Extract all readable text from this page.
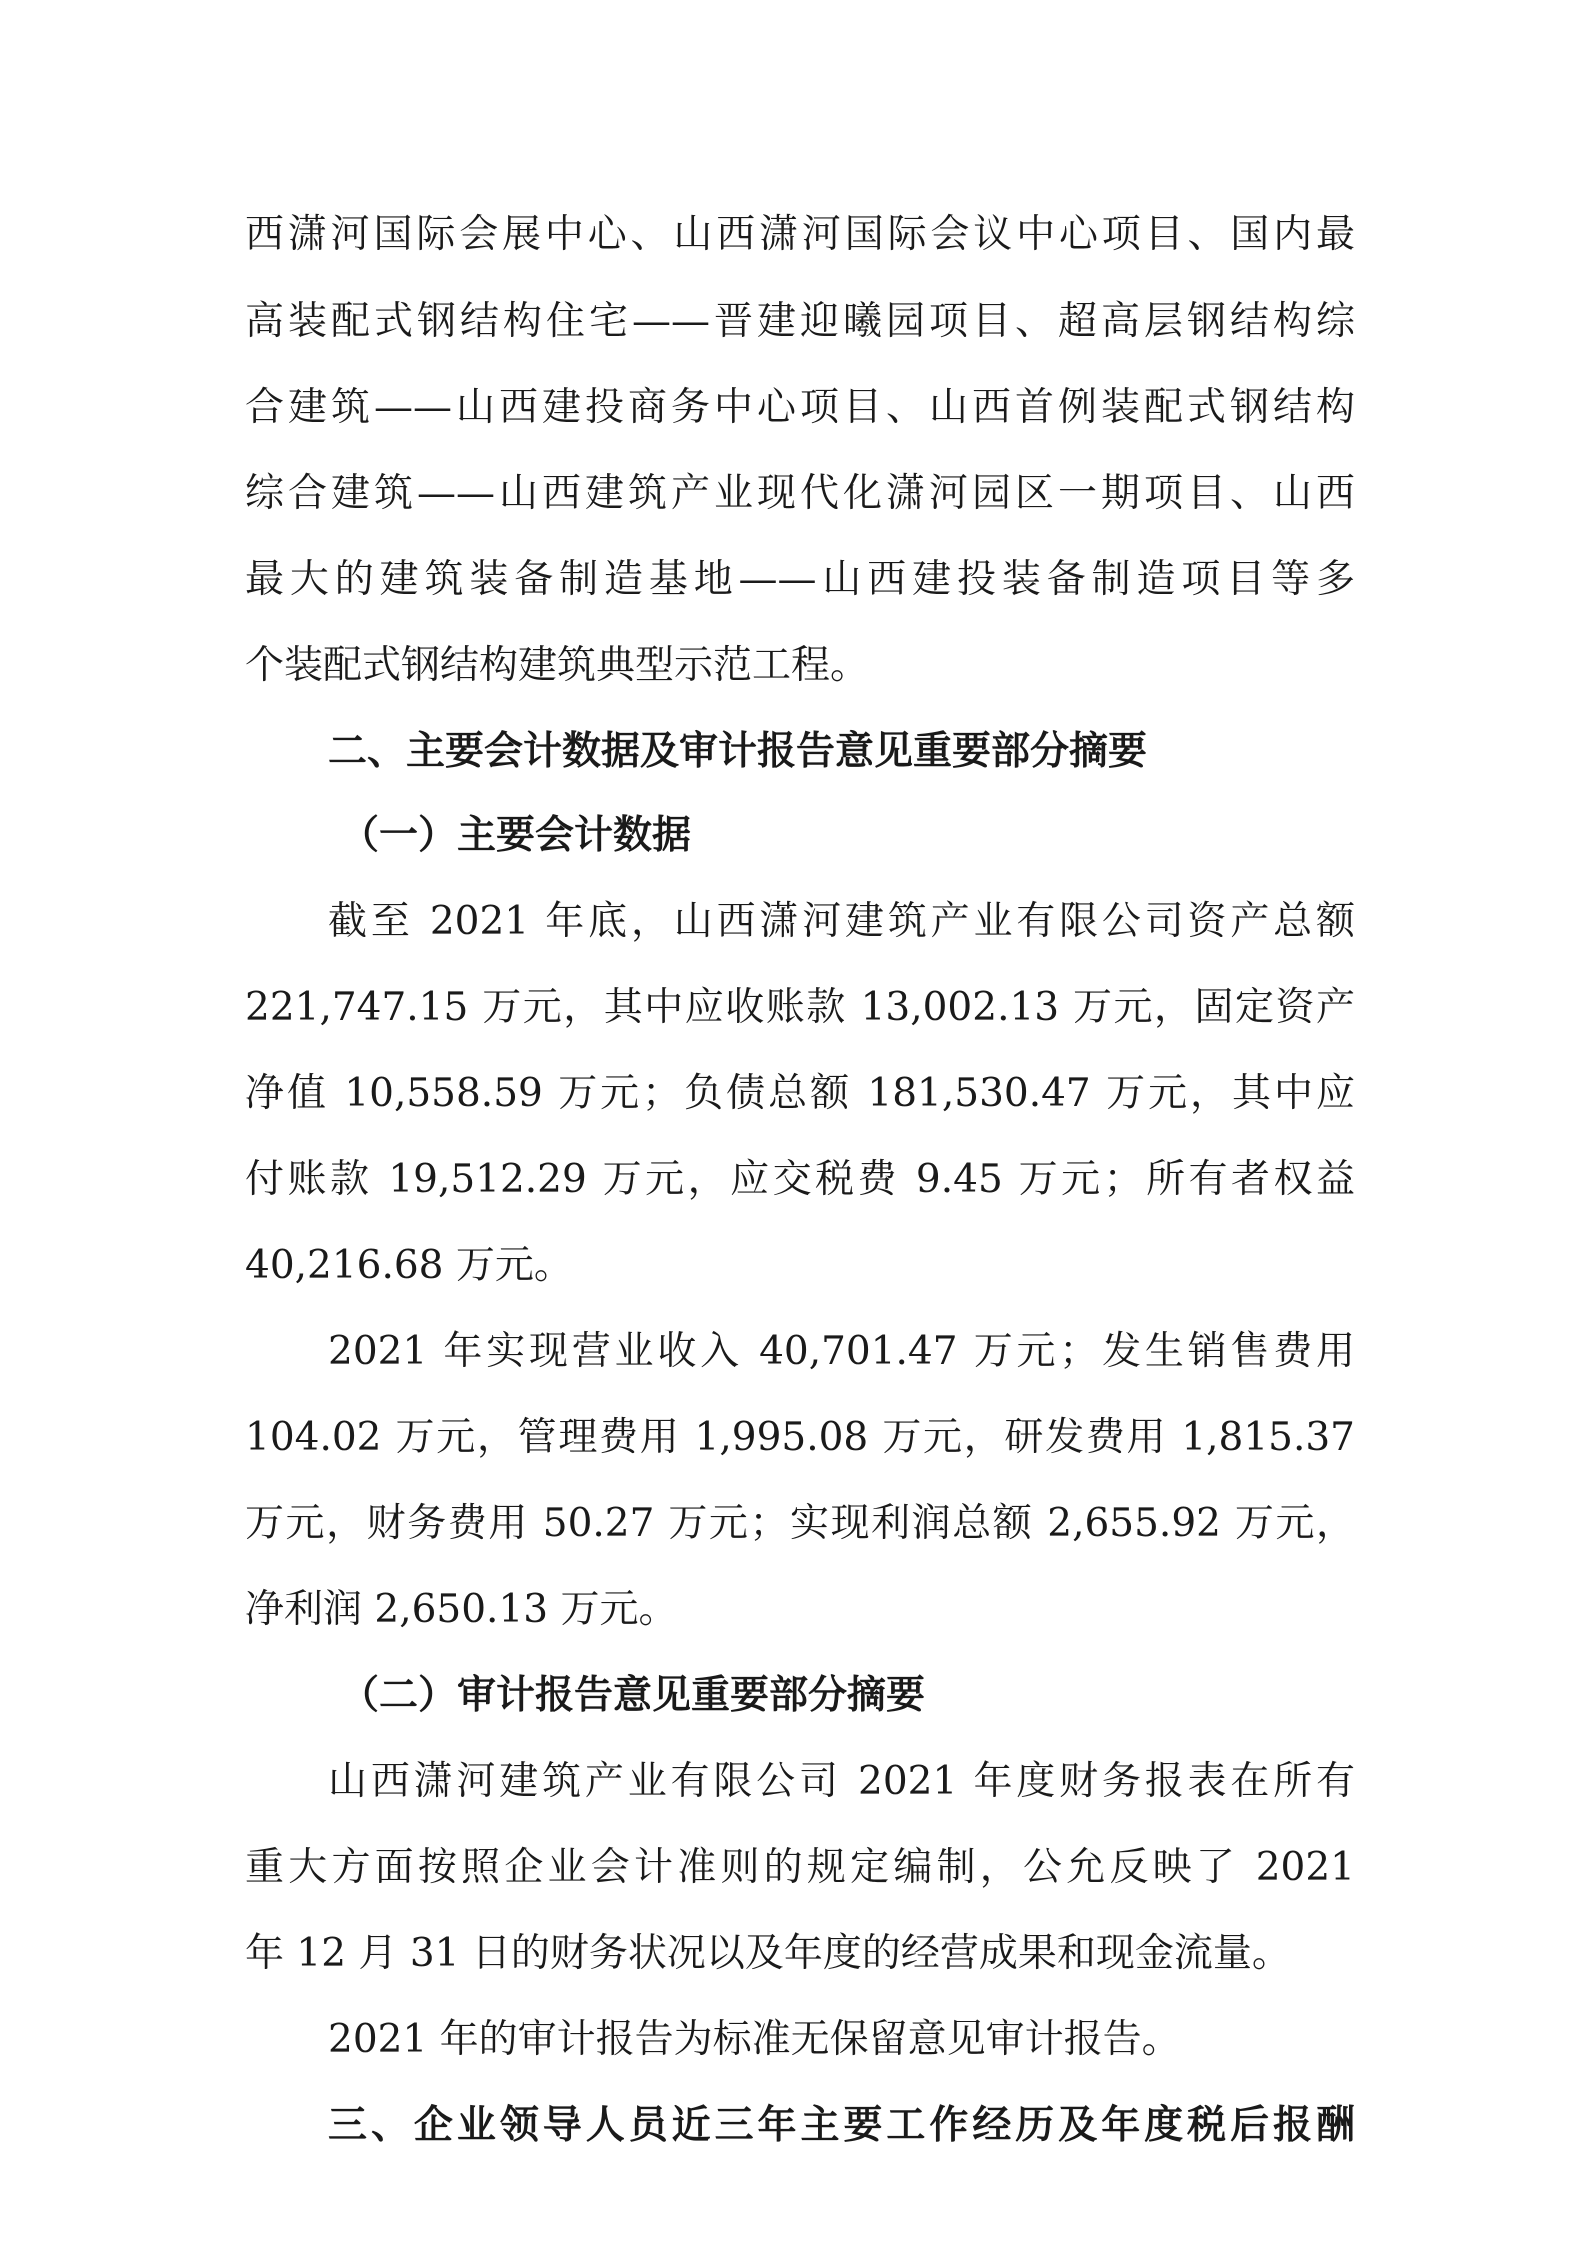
西潇河国际会展中心、山西潇河国际会议中心项目、国内最
高装配式钢结构住宅——晋建迎曦园项目、超高层钢结构综
合建筑——山西建投商务中心项目、山西首例装配式钢结构
综合建筑——山西建筑产业现代化潇河园区一期项目、山西
最大的建筑装备制造基地——山西建投装备制造项目等多
个装配式钢结构建筑典型示范工程。
二、主要会计数据及审计报告意见重要部分摘要
（一）主要会计数据
截至 2021 年底，山西潇河建筑产业有限公司资产总额
221,747.15 万元，其中应收账款 13,002.13 万元，固定资产
净值 10,558.59 万元；负债总额 181,530.47 万元，其中应
付账款 19,512.29 万元，应交税费 9.45 万元；所有者权益
40,216.68 万元。
2021 年实现营业收入 40,701.47 万元；发生销售费用
104.02 万元，管理费用 1,995.08 万元，研发费用 1,815.37
万元，财务费用 50.27 万元；实现利润总额 2,655.92 万元，
净利润 2,650.13 万元。
（二）审计报告意见重要部分摘要
山西潇河建筑产业有限公司 2021 年度财务报表在所有
重大方面按照企业会计准则的规定编制，公允反映了 2021
年 12 月 31 日的财务状况以及年度的经营成果和现金流量。
2021 年的审计报告为标准无保留意见审计报告。
三、企业领导人员近三年主要工作经历及年度税后报酬
